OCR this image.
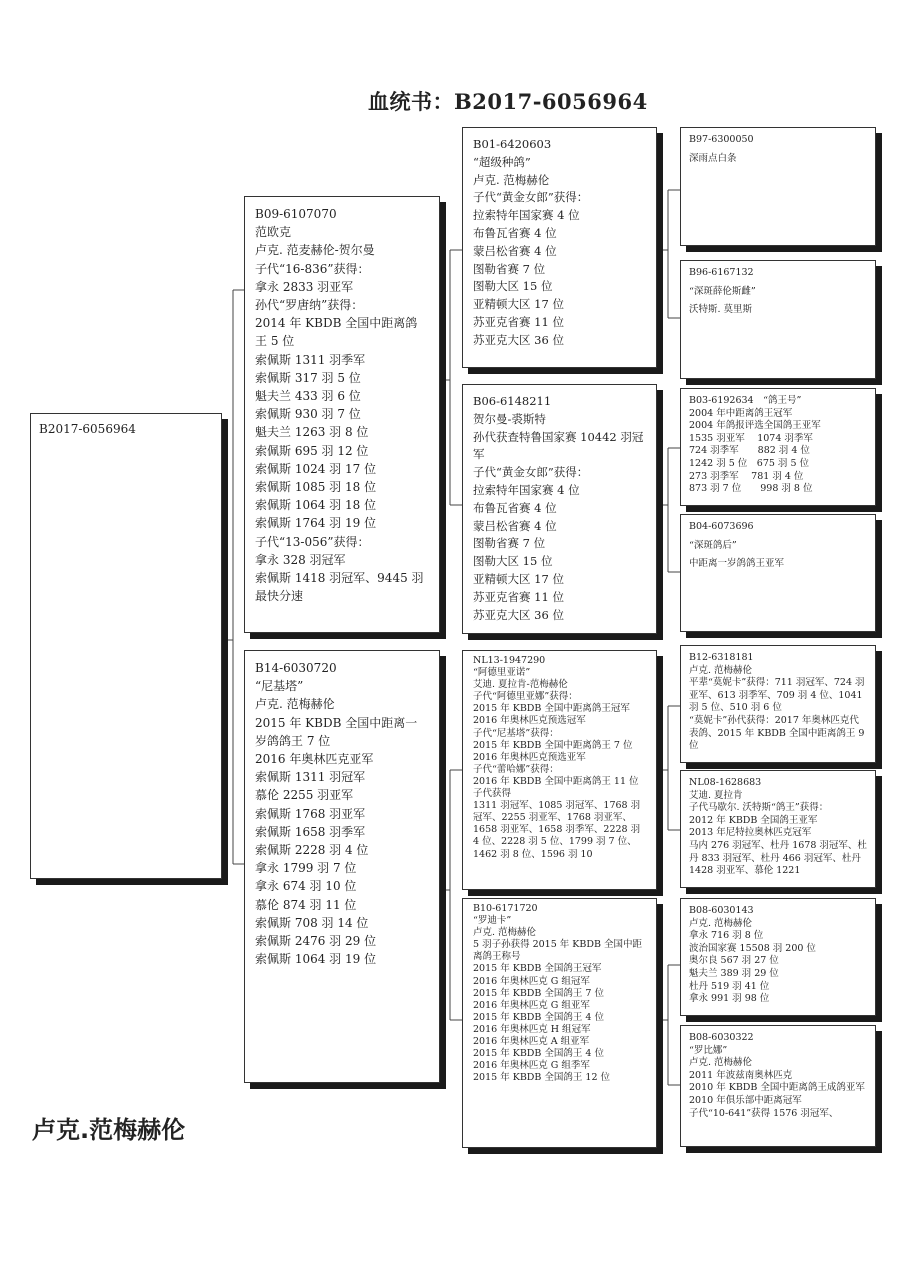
血统书：B2017-6056964
B2017-6056964
B09-6107070
范欧克
卢克. 范麦赫伦-贺尔曼
子代“16-836”获得：
拿永 2833 羽亚军
孙代“罗唐纳”获得：
2014 年 KBDB 全国中距离鸽王 5 位
索佩斯 1311 羽季军
索佩斯 317 羽 5 位
魁夫兰 433 羽 6 位
索佩斯 930 羽 7 位
魁夫兰 1263 羽 8 位
索佩斯 695 羽 12 位
索佩斯 1024 羽 17 位
索佩斯 1085 羽 18 位
索佩斯 1064 羽 18 位
索佩斯 1764 羽 19 位
子代“13-056”获得：
拿永 328 羽冠军
索佩斯 1418 羽冠军、9445 羽最快分速
B14-6030720
“尼基塔”
卢克. 范梅赫伦
2015 年 KBDB 全国中距离一岁鸽鸽王 7 位
2016 年奥林匹克亚军
索佩斯 1311 羽冠军
慕伦 2255 羽亚军
索佩斯 1768 羽亚军
索佩斯 1658 羽季军
索佩斯 2228 羽 4 位
拿永 1799 羽 7 位
拿永 674 羽 10 位
慕伦 874 羽 11 位
索佩斯 708 羽 14 位
索佩斯 2476 羽 29 位
索佩斯 1064 羽 19 位
B01-6420603
“超级种鸽”
卢克. 范梅赫伦
子代“黄金女郎”获得：
拉索特年国家赛 4 位
布鲁瓦省赛 4 位
蒙吕松省赛 4 位
图勒省赛 7 位
图勒大区 15 位
亚精顿大区 17 位
苏亚克省赛 11 位
苏亚克大区 36 位
B06-6148211
贺尔曼-裘斯特
孙代获查特鲁国家赛 10442 羽冠军
子代“黄金女郎”获得：
拉索特年国家赛 4 位
布鲁瓦省赛 4 位
蒙吕松省赛 4 位
图勒省赛 7 位
图勒大区 15 位
亚精顿大区 17 位
苏亚克省赛 11 位
苏亚克大区 36 位
NL13-1947290
“阿德里亚诺”
艾迪. 夏拉肯-范梅赫伦
子代“阿德里亚娜”获得：
2015 年 KBDB 全国中距离鸽王冠军
2016 年奥林匹克预选冠军
子代“尼基塔”获得：
2015 年 KBDB 全国中距离鸽王 7 位
2016 年奥林匹克预选亚军
子代“蕾哈娜”获得：
2016 年 KBDB 全国中距离鸽王 11 位
子代获得
1311 羽冠军、1085 羽冠军、1768 羽冠军、2255 羽亚军、1768 羽亚军、1658 羽亚军、1658 羽季军、2228 羽 4 位、2228 羽 5 位、1799 羽 7 位、1462 羽 8 位、1596 羽 10
B10-6171720
“罗迪卡”
卢克. 范梅赫伦
5 羽子孙获得 2015 年 KBDB 全国中距离鸽王称号
2015 年 KBDB 全国鸽王冠军
2016 年奥林匹克 G 组冠军
2015 年 KBDB 全国鸽王 7 位
2016 年奥林匹克 G 组亚军
2015 年 KBDB 全国鸽王 4 位
2016 年奥林匹克 H 组冠军
2016 年奥林匹克 A 组亚军
2015 年 KBDB 全国鸽王 4 位
2016 年奥林匹克 G 组季军
2015 年 KBDB 全国鸽王 12 位
B97-6300050
深雨点白条
B96-6167132
“深斑薛伦斯雌”
沃特斯. 莫里斯
B03-6192634　“鸽王号”
2004 年中距离鸽王冠军
2004 年鸽报评选全国鸽王亚军
1535 羽亚军　 1074 羽季军
724 羽季军　　882 羽 4 位
1242 羽 5 位　675 羽 5 位
273 羽季军　 781 羽 4 位
873 羽 7 位　　998 羽 8 位
B04-6073696
“深斑鸽后”
中距离一岁鸽鸽王亚军
B12-6318181
卢克. 范梅赫伦
平辈“莫妮卡”获得：711 羽冠军、724 羽亚军、613 羽季军、709 羽 4 位、1041 羽 5 位、510 羽 6 位
“莫妮卡”孙代获得：2017 年奥林匹克代表鸽、2015 年 KBDB 全国中距离鸽王 9 位
NL08-1628683
艾迪. 夏拉肯
子代马歇尔. 沃特斯“鸽王”获得：
2012 年 KBDB 全国鸽王亚军
2013 年尼特拉奥林匹克冠军
马内 276 羽冠军、杜丹 1678 羽冠军、杜丹 833 羽冠军、杜丹 466 羽冠军、杜丹 1428 羽亚军、慕伦 1221
B08-6030143
卢克. 范梅赫伦
拿永 716 羽 8 位
波治国家赛 15508 羽 200 位
奥尔良 567 羽 27 位
魁夫兰 389 羽 29 位
杜丹 519 羽 41 位
拿永 991 羽 98 位
B08-6030322
“罗比娜”
卢克. 范梅赫伦
2011 年波兹南奥林匹克
2010 年 KBDB 全国中距离鸽王成鸽亚军
2010 年俱乐部中距离冠军
子代“10-641”获得 1576 羽冠军、
卢克.范梅赫伦
